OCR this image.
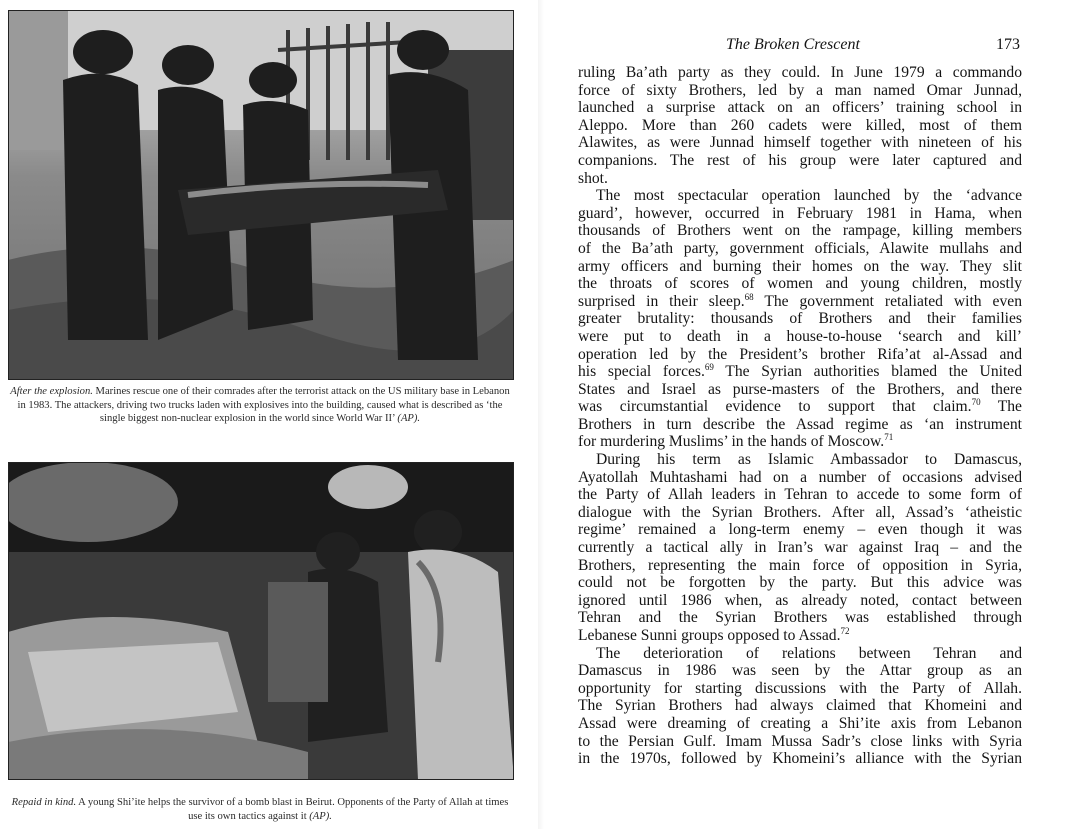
After the explosion. Marines rescue one of their comrades after the terrorist attack on the US military base in Lebanon in 1983. The attackers, driving two trucks laden with explosives into the building, caused what is described as ‘the single biggest non-nuclear explosion in the world since World War II’ (AP).
Repaid in kind. A young Shi’ite helps the survivor of a bomb blast in Beirut. Opponents of the Party of Allah at times use its own tactics against it (AP).
The Broken Crescent	173
ruling Ba’ath party as they could. In June 1979 a commando
force of sixty Brothers, led by a man named Omar Junnad,
launched a surprise attack on an officers’ training school in
Aleppo. More than 260 cadets were killed, most of them
Alawites, as were Junnad himself together with nineteen of his
companions. The rest of his group were later captured and
shot.
The most spectacular operation launched by the ‘advance
guard’, however, occurred in February 1981 in Hama, when
thousands of Brothers went on the rampage, killing members
of the Ba’ath party, government officials, Alawite mullahs and
army officers and burning their homes on the way. They slit
the throats of scores of women and young children, mostly
surprised in their sleep.$^{68}$ The government retaliated with even
greater brutality: thousands of Brothers and their families
were put to death in a house-to-house ‘search and kill’
operation led by the President’s brother Rifa’at al-Assad and
his special forces.$^{69}$ The Syrian authorities blamed the United
States and Israel as purse-masters of the Brothers, and there
was circumstantial evidence to support that claim.$^{70}$ The
Brothers in turn describe the Assad regime as ‘an instrument
for murdering Muslims’ in the hands of Moscow.$^{71}$
During his term as Islamic Ambassador to Damascus,
Ayatollah Muhtashami had on a number of occasions advised
the Party of Allah leaders in Tehran to accede to some form of
dialogue with the Syrian Brothers. After all, Assad’s ‘atheistic
regime’ remained a long-term enemy – even though it was
currently a tactical ally in Iran’s war against Iraq – and the
Brothers, representing the main force of opposition in Syria,
could not be forgotten by the party. But this advice was
ignored until 1986 when, as already noted, contact between
Tehran and the Syrian Brothers was established through
Lebanese Sunni groups opposed to Assad.$^{72}$
The deterioration of relations between Tehran and
Damascus in 1986 was seen by the Attar group as an
opportunity for starting discussions with the Party of Allah.
The Syrian Brothers had always claimed that Khomeini and
Assad were dreaming of creating a Shi’ite axis from Lebanon
to the Persian Gulf. Imam Mussa Sadr’s close links with Syria
in the 1970s, followed by Khomeini’s alliance with the Syrian
